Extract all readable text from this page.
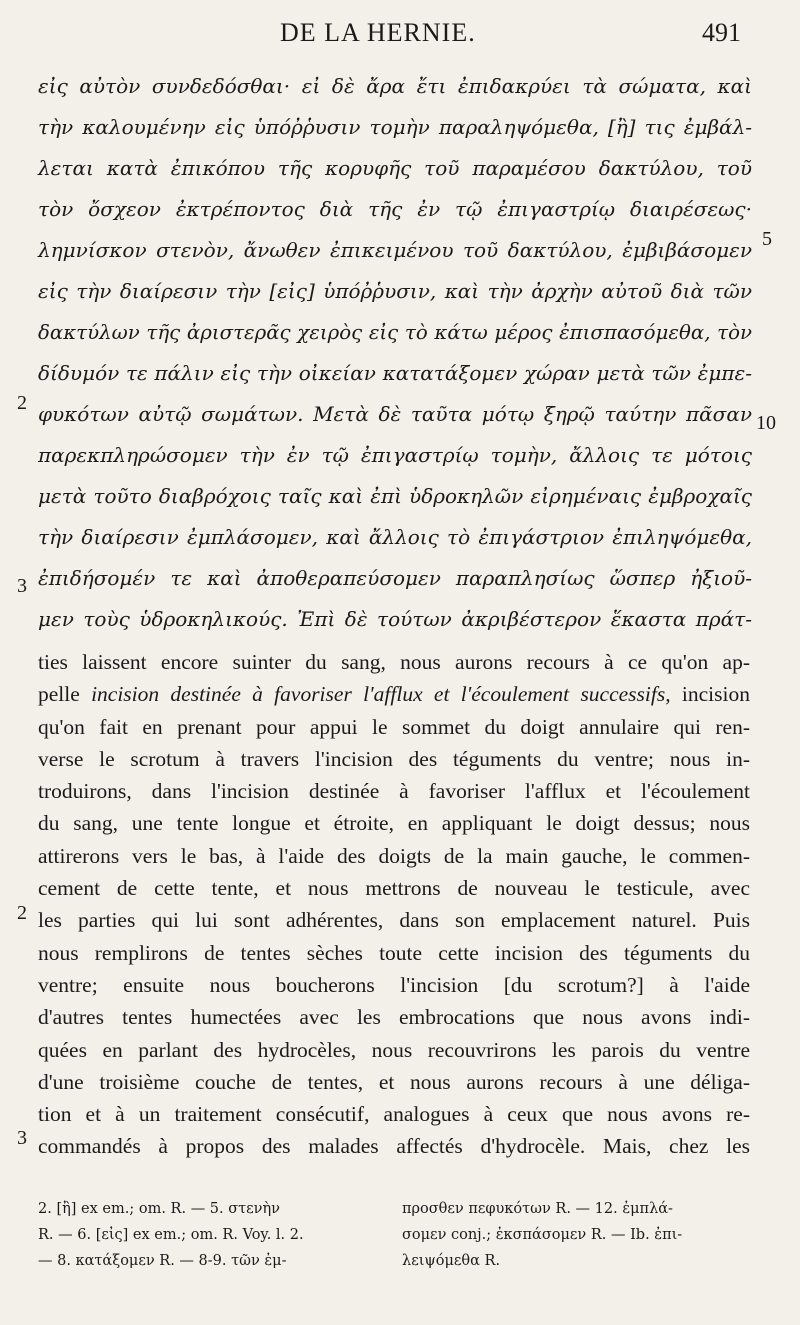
DE LA HERNIE.	491
εἰς αὐτὸν συνδεδόσθαι· εἰ δὲ ἄρα ἔτι ἐπιδακρύει τὰ σώματα, καὶ
τὴν καλουμένην εἰς ὑπόῤῥυσιν τομὴν παραληψόμεθα, [ἢ] τις ἐμβάλ-
λεται κατὰ ἐπικόπου τῆς κορυφῆς τοῦ παραμέσου δακτύλου, τοῦ
τὸν ὄσχεον ἐκτρέποντος διὰ τῆς ἐν τῷ ἐπιγαστρίῳ διαιρέσεως·
λημνίσκον στενὸν, ἄνωθεν ἐπικειμένου τοῦ δακτύλου, ἐμβιβάσομεν
εἰς τὴν διαίρεσιν τὴν [εἰς] ὑπόῤῥυσιν, καὶ τὴν ἀρχὴν αὐτοῦ διὰ τῶν
δακτύλων τῆς ἀριστερᾶς χειρὸς εἰς τὸ κάτω μέρος ἐπισπασόμεθα, τὸν
δίδυμόν τε πάλιν εἰς τὴν οἰκείαν κατατάξομεν χώραν μετὰ τῶν ἐμπε-
φυκότων αὐτῷ σωμάτων. Μετὰ δὲ ταῦτα μότῳ ξηρῷ ταύτην πᾶσαν
παρεκπληρώσομεν τὴν ἐν τῷ ἐπιγαστρίῳ τομὴν, ἄλλοις τε μότοις
μετὰ τοῦτο διαβρόχοις ταῖς καὶ ἐπὶ ὑδροκηλῶν εἰρημέναις ἐμβροχαῖς
τὴν διαίρεσιν ἐμπλάσομεν, καὶ ἄλλοις τὸ ἐπιγάστριον ἐπιληψόμεθα,
ἐπιδήσομέν τε καὶ ἀποθεραπεύσομεν παραπλησίως ὥσπερ ἠξιοῦ-
μεν τοὺς ὑδροκηλικούς. Ἐπὶ δὲ τούτων ἀκριβέστερον ἕκαστα πράτ-
5
10
2
3
ties laissent encore suinter du sang, nous aurons recours à ce qu'on ap-
pelle incision destinée à favoriser l'afflux et l'écoulement successifs, incision
qu'on fait en prenant pour appui le sommet du doigt annulaire qui ren-
verse le scrotum à travers l'incision des téguments du ventre; nous in-
troduirons, dans l'incision destinée à favoriser l'afflux et l'écoulement
du sang, une tente longue et étroite, en appliquant le doigt dessus; nous
attirerons vers le bas, à l'aide des doigts de la main gauche, le commen-
cement de cette tente, et nous mettrons de nouveau le testicule, avec
les parties qui lui sont adhérentes, dans son emplacement naturel. Puis
nous remplirons de tentes sèches toute cette incision des téguments du
ventre; ensuite nous boucherons l'incision [du scrotum?] à l'aide
d'autres tentes humectées avec les embrocations que nous avons indi-
quées en parlant des hydrocèles, nous recouvrirons les parois du ventre
d'une troisième couche de tentes, et nous aurons recours à une déliga-
tion et à un traitement consécutif, analogues à ceux que nous avons re-
commandés à propos des malades affectés d'hydrocèle. Mais, chez les
2
3
2. [ἢ] ex em.; om. R. — 5. στενὴν
R. — 6. [εἰς] ex em.; om. R. Voy. l. 2.
— 8. κατάξομεν R. — 8-9. τῶν ἐμ-
προσθεν πεφυκότων R. — 12. ἐμπλά-
σομεν conj.; ἐκσπάσομεν R. — Ib. ἐπι-
λειψόμεθα R.
